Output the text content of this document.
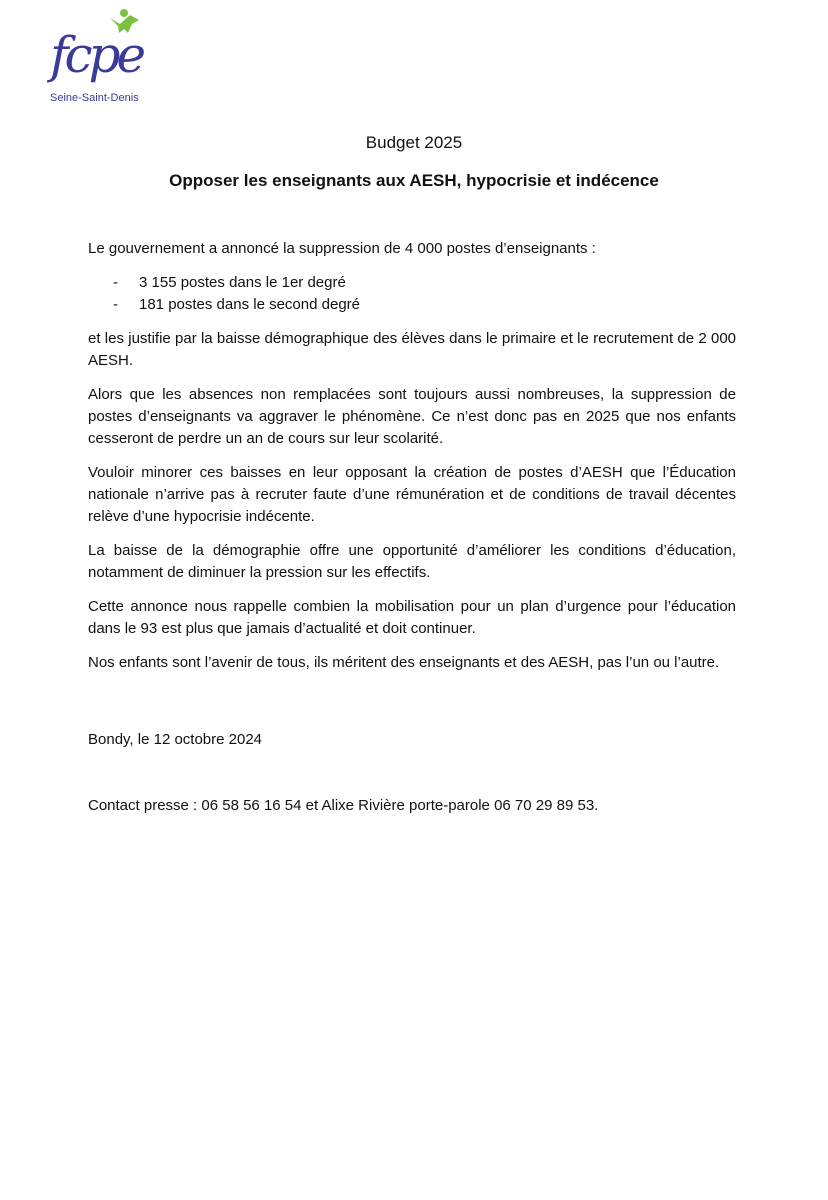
fcpe
Seine-Saint-Denis
Budget 2025
Opposer les enseignants aux AESH, hypocrisie et indécence

Le gouvernement a annoncé la suppression de 4 000 postes d’enseignants :

- 3 155 postes dans le 1er degré
- 181 postes dans le second degré

et les justifie par la baisse démographique des élèves dans le primaire et le recrutement de 2 000 AESH.

Alors que les absences non remplacées sont toujours aussi nombreuses, la suppression de postes d’enseignants va aggraver le phénomène. Ce n’est donc pas en 2025 que nos enfants cesseront de perdre un an de cours sur leur scolarité.

Vouloir minorer ces baisses en leur opposant la création de postes d’AESH que l’Éducation nationale n’arrive pas à recruter faute d’une rémunération et de conditions de travail décentes relève d’une hypocrisie indécente.

La baisse de la démographie offre une opportunité d’améliorer les conditions d’éducation, notamment de diminuer la pression sur les effectifs.

Cette annonce nous rappelle combien la mobilisation pour un plan d’urgence pour l’éducation dans le 93 est plus que jamais d’actualité et doit continuer.

Nos enfants sont l’avenir de tous, ils méritent des enseignants et des AESH, pas l’un ou l’autre.

Bondy, le 12 octobre 2024
Contact presse : 06 58 56 16 54 et Alixe Rivière porte-parole 06 70 29 89 53.
